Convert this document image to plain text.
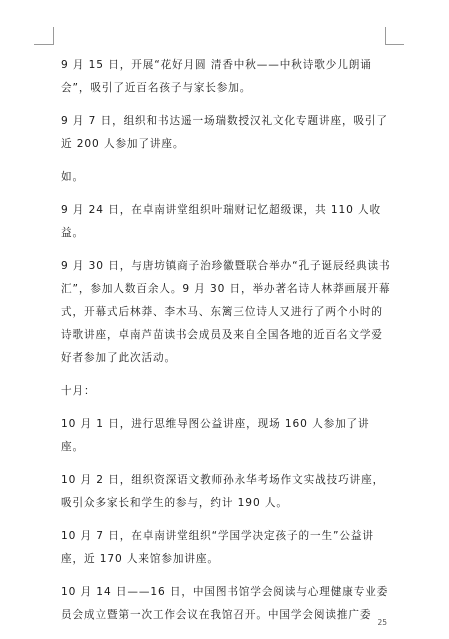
9 月 15 日，开展“花好月圆 清香中秋——中秋诗歌少儿朗诵会”，吸引了近百名孩子与家长参加。

9 月 7 日，组织和书达遥一场瑞数授汉礼文化专题讲座，吸引了近 200 人参加了讲座。

如。

9 月 24 日，在卓南讲堂组织叶瑞财记忆超级课，共 110 人收益。

9 月 30 日，与唐坊镇商子治珍徽暨联合举办“孔子诞辰经典读书汇”，参加人数百余人。9 月 30 日，举办著名诗人林莽画展开幕式，开幕式后林莽、李木马、东篱三位诗人又进行了两个小时的诗歌讲座，卓南芦苗读书会成员及来自全国各地的近百名文学爱好者参加了此次活动。

十月：

10 月 1 日，进行思维导图公益讲座，现场 160 人参加了讲座。

10 月 2 日，组织资深语文教师孙永华考场作文实战技巧讲座，吸引众多家长和学生的参与，约计 190 人。

10 月 7 日，在卓南讲堂组织“学国学决定孩子的一生”公益讲座，近 170 人来馆参加讲座。

10 月 14 日——16 日，中国图书馆学会阅读与心理健康专业委员会成立暨第一次工作会议在我馆召开。中国学会阅读推广委

25
